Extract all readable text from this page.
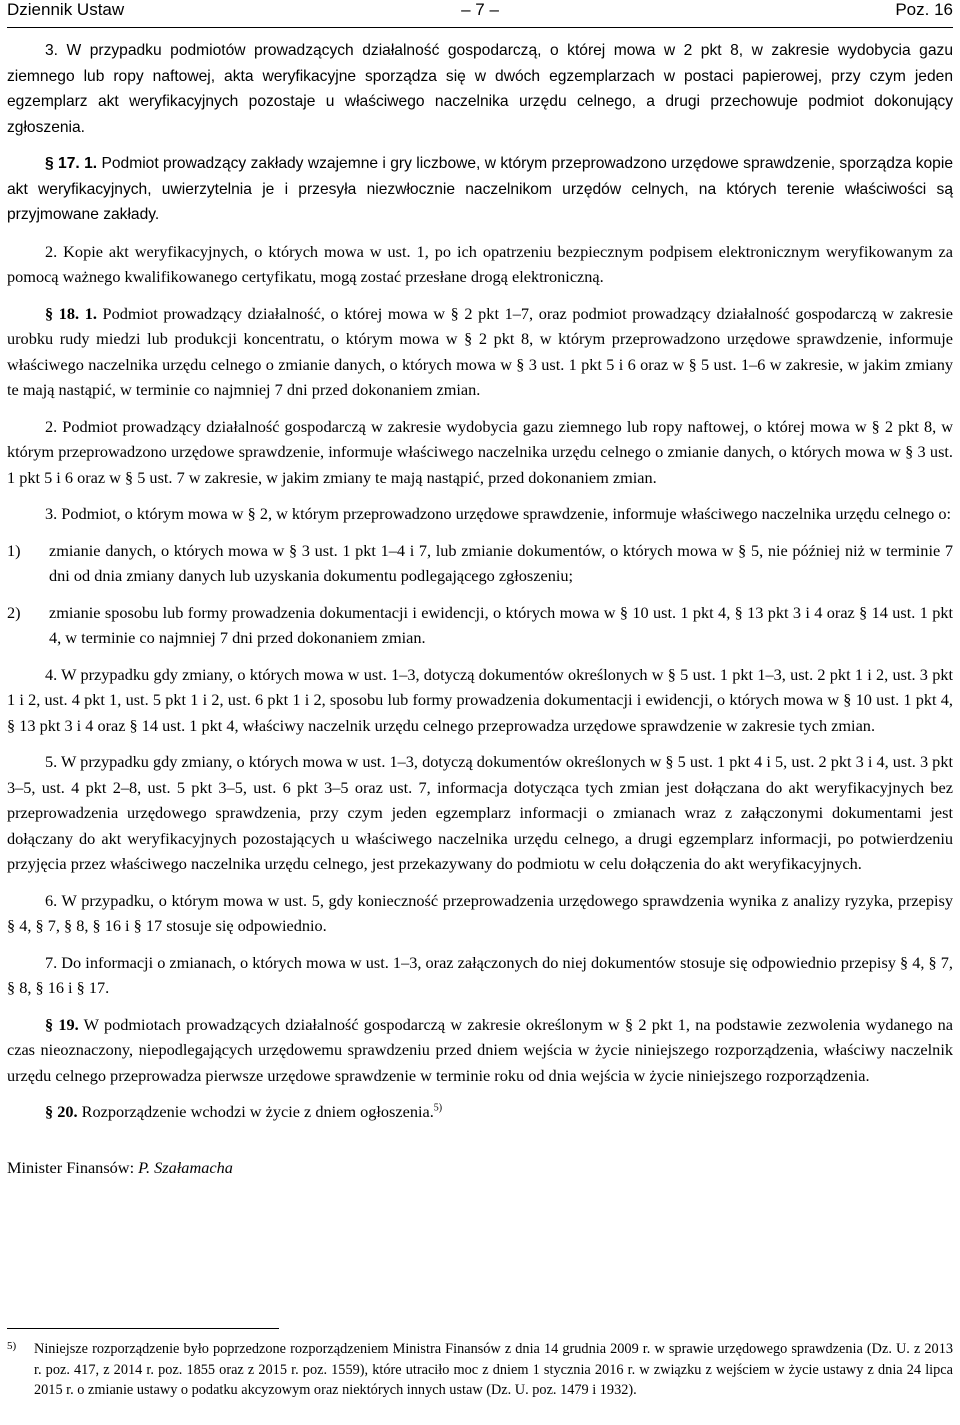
Dziennik Ustaw	– 7 –	Poz. 16

3. W przypadku podmiotów prowadzących działalność gospodarczą, o której mowa w 2 pkt 8, w zakresie wydobycia gazu ziemnego lub ropy naftowej, akta weryfikacyjne sporządza się w dwóch egzemplarzach w postaci papierowej, przy czym jeden egzemplarz akt weryfikacyjnych pozostaje u właściwego naczelnika urzędu celnego, a drugi przechowuje podmiot dokonujący zgłoszenia.

§ 17. 1. Podmiot prowadzący zakłady wzajemne i gry liczbowe, w którym przeprowadzono urzędowe sprawdzenie, sporządza kopie akt weryfikacyjnych, uwierzytelnia je i przesyła niezwłocznie naczelnikom urzędów celnych, na których terenie właściwości są przyjmowane zakłady.

2. Kopie akt weryfikacyjnych, o których mowa w ust. 1, po ich opatrzeniu bezpiecznym podpisem elektronicznym weryfikowanym za pomocą ważnego kwalifikowanego certyfikatu, mogą zostać przesłane drogą elektroniczną.

§ 18. 1. Podmiot prowadzący działalność, o której mowa w § 2 pkt 1–7, oraz podmiot prowadzący działalność gospodarczą w zakresie urobku rudy miedzi lub produkcji koncentratu, o którym mowa w § 2 pkt 8, w którym przeprowadzono urzędowe sprawdzenie, informuje właściwego naczelnika urzędu celnego o zmianie danych, o których mowa w § 3 ust. 1 pkt 5 i 6 oraz w § 5 ust. 1–6 w zakresie, w jakim zmiany te mają nastąpić, w terminie co najmniej 7 dni przed dokonaniem zmian.

2. Podmiot prowadzący działalność gospodarczą w zakresie wydobycia gazu ziemnego lub ropy naftowej, o której mowa w § 2 pkt 8, w którym przeprowadzono urzędowe sprawdzenie, informuje właściwego naczelnika urzędu celnego o zmianie danych, o których mowa w § 3 ust. 1 pkt 5 i 6 oraz w § 5 ust. 7 w zakresie, w jakim zmiany te mają nastąpić, przed dokonaniem zmian.

3. Podmiot, o którym mowa w § 2, w którym przeprowadzono urzędowe sprawdzenie, informuje właściwego naczelnika urzędu celnego o:

1) zmianie danych, o których mowa w § 3 ust. 1 pkt 1–4 i 7, lub zmianie dokumentów, o których mowa w § 5, nie później niż w terminie 7 dni od dnia zmiany danych lub uzyskania dokumentu podlegającego zgłoszeniu;
2) zmianie sposobu lub formy prowadzenia dokumentacji i ewidencji, o których mowa w § 10 ust. 1 pkt 4, § 13 pkt 3 i 4 oraz § 14 ust. 1 pkt 4, w terminie co najmniej 7 dni przed dokonaniem zmian.

4. W przypadku gdy zmiany, o których mowa w ust. 1–3, dotyczą dokumentów określonych w § 5 ust. 1 pkt 1–3, ust. 2 pkt 1 i 2, ust. 3 pkt 1 i 2, ust. 4 pkt 1, ust. 5 pkt 1 i 2, ust. 6 pkt 1 i 2, sposobu lub formy prowadzenia dokumentacji i ewidencji, o których mowa w § 10 ust. 1 pkt 4, § 13 pkt 3 i 4 oraz § 14 ust. 1 pkt 4, właściwy naczelnik urzędu celnego przeprowadza urzędowe sprawdzenie w zakresie tych zmian.

5. W przypadku gdy zmiany, o których mowa w ust. 1–3, dotyczą dokumentów określonych w § 5 ust. 1 pkt 4 i 5, ust. 2 pkt 3 i 4, ust. 3 pkt 3–5, ust. 4 pkt 2–8, ust. 5 pkt 3–5, ust. 6 pkt 3–5 oraz ust. 7, informacja dotycząca tych zmian jest dołączana do akt weryfikacyjnych bez przeprowadzenia urzędowego sprawdzenia, przy czym jeden egzemplarz informacji o zmianach wraz z załączonymi dokumentami jest dołączany do akt weryfikacyjnych pozostających u właściwego naczelnika urzędu celnego, a drugi egzemplarz informacji, po potwierdzeniu przyjęcia przez właściwego naczelnika urzędu celnego, jest przekazywany do podmiotu w celu dołączenia do akt weryfikacyjnych.

6. W przypadku, o którym mowa w ust. 5, gdy konieczność przeprowadzenia urzędowego sprawdzenia wynika z analizy ryzyka, przepisy § 4, § 7, § 8, § 16 i § 17 stosuje się odpowiednio.

7. Do informacji o zmianach, o których mowa w ust. 1–3, oraz załączonych do niej dokumentów stosuje się odpowiednio przepisy § 4, § 7, § 8, § 16 i § 17.

§ 19. W podmiotach prowadzących działalność gospodarczą w zakresie określonym w § 2 pkt 1, na podstawie zezwolenia wydanego na czas nieoznaczony, niepodlegających urzędowemu sprawdzeniu przed dniem wejścia w życie niniejszego rozporządzenia, właściwy naczelnik urzędu celnego przeprowadza pierwsze urzędowe sprawdzenie w terminie roku od dnia wejścia w życie niniejszego rozporządzenia.

§ 20. Rozporządzenie wchodzi w życie z dniem ogłoszenia.$^{5)}$

Minister Finansów: P. Szałamacha

5) Niniejsze rozporządzenie było poprzedzone rozporządzeniem Ministra Finansów z dnia 14 grudnia 2009 r. w sprawie urzędowego sprawdzenia (Dz. U. z 2013 r. poz. 417, z 2014 r. poz. 1855 oraz z 2015 r. poz. 1559), które utraciło moc z dniem 1 stycznia 2016 r. w związku z wejściem w życie ustawy z dnia 24 lipca 2015 r. o zmianie ustawy o podatku akcyzowym oraz niektórych innych ustaw (Dz. U. poz. 1479 i 1932).
